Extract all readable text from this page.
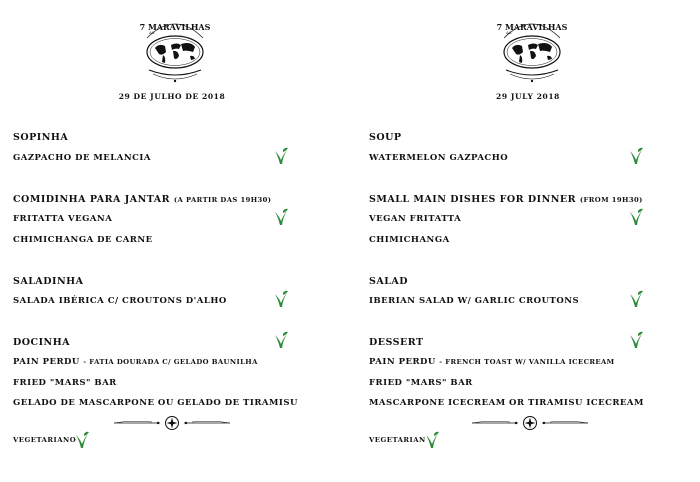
29 DE JULHO DE 2018
SOPINHA
GAZPACHO DE MELANCIA
COMIDINHA PARA JANTAR (A PARTIR DAS 19H30)
FRITATTA VEGANA
CHIMICHANGA DE CARNE
SALADINHA
SALADA IBÉRICA C/ CROUTONS D'ALHO
DOCINHA
PAIN PERDU - FATIA DOURADA C/ GELADO BAUNILHA
FRIED "MARS" BAR
GELADO DE MASCARPONE OU GELADO DE TIRAMISU
VEGETARIANO
29 JULY 2018
SOUP
WATERMELON GAZPACHO
SMALL MAIN DISHES FOR DINNER (FROM 19H30)
VEGAN FRITATTA
CHIMICHANGA
SALAD
IBERIAN SALAD W/ GARLIC CROUTONS
DESSERT
PAIN PERDU - FRENCH TOAST W/ VANILLA ICECREAM
FRIED "MARS" BAR
MASCARPONE ICECREAM OR TIRAMISU ICECREAM
VEGETARIAN
